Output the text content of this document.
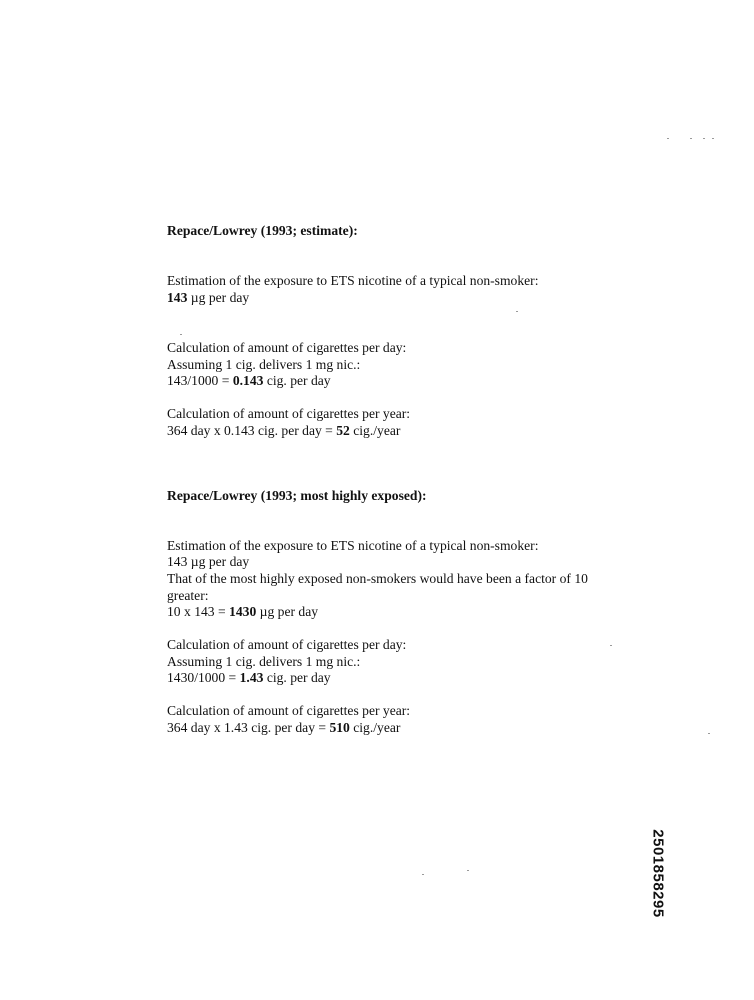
Repace/Lowrey (1993; estimate):
Estimation of the exposure to ETS nicotine of a typical non-smoker:
143 µg per day
Calculation of amount of cigarettes per day:
Assuming 1 cig. delivers 1 mg nic.:
143/1000 = 0.143 cig. per day
Calculation of amount of cigarettes per year:
364 day x 0.143 cig. per day = 52 cig./year
Repace/Lowrey (1993; most highly exposed):
Estimation of the exposure to ETS nicotine of a typical non-smoker:
143 µg per day
That of the most highly exposed non-smokers would have been a factor of 10
greater:
10 x 143 = 1430 µg per day
Calculation of amount of cigarettes per day:
Assuming 1 cig. delivers 1 mg nic.:
1430/1000 = 1.43 cig. per day
Calculation of amount of cigarettes per year:
364 day x 1.43 cig. per day = 510 cig./year
2501858295
